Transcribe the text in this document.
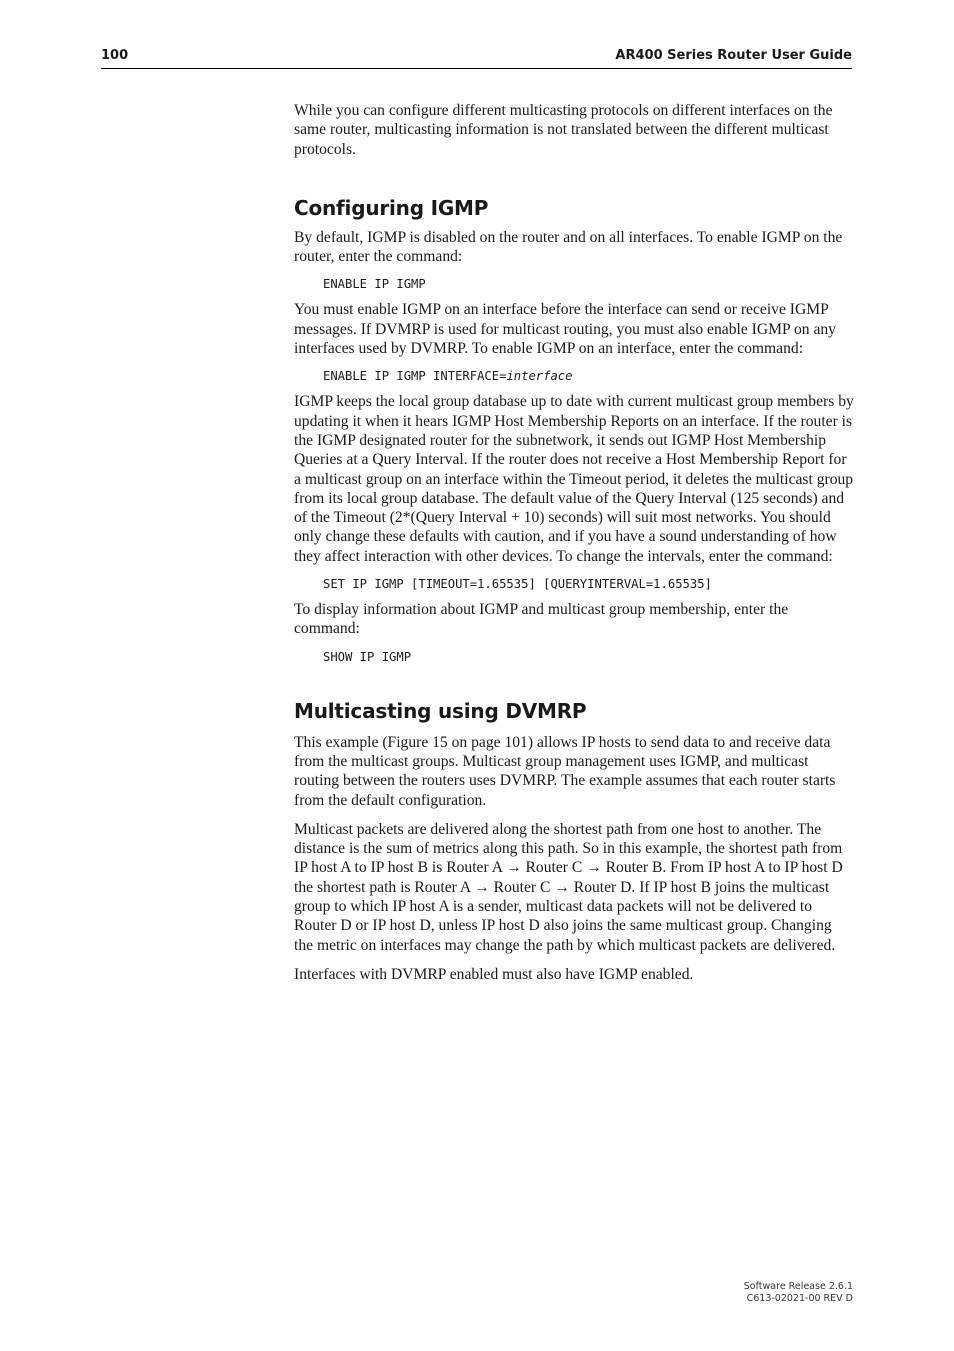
100	AR400 Series Router User Guide

While you can configure different multicasting protocols on different interfaces on the same router, multicasting information is not translated between the different multicast protocols.

Configuring IGMP

By default, IGMP is disabled on the router and on all interfaces. To enable IGMP on the router, enter the command:

ENABLE IP IGMP

You must enable IGMP on an interface before the interface can send or receive IGMP messages. If DVMRP is used for multicast routing, you must also enable IGMP on any interfaces used by DVMRP. To enable IGMP on an interface, enter the command:

ENABLE IP IGMP INTERFACE=interface

IGMP keeps the local group database up to date with current multicast group members by updating it when it hears IGMP Host Membership Reports on an interface. If the router is the IGMP designated router for the subnetwork, it sends out IGMP Host Membership Queries at a Query Interval. If the router does not receive a Host Membership Report for a multicast group on an interface within the Timeout period, it deletes the multicast group from its local group database. The default value of the Query Interval (125 seconds) and of the Timeout (2*(Query Interval + 10) seconds) will suit most networks. You should only change these defaults with caution, and if you have a sound understanding of how they affect interaction with other devices. To change the intervals, enter the command:

SET IP IGMP [TIMEOUT=1.65535] [QUERYINTERVAL=1.65535]

To display information about IGMP and multicast group membership, enter the command:

SHOW IP IGMP
Multicasting using DVMRP

This example (Figure 15 on page 101) allows IP hosts to send data to and receive data from the multicast groups. Multicast group management uses IGMP, and multicast routing between the routers uses DVMRP. The example assumes that each router starts from the default configuration.

Multicast packets are delivered along the shortest path from one host to another. The distance is the sum of metrics along this path. So in this example, the shortest path from IP host A to IP host B is Router A → Router C → Router B. From IP host A to IP host D the shortest path is Router A → Router C → Router D. If IP host B joins the multicast group to which IP host A is a sender, multicast data packets will not be delivered to Router D or IP host D, unless IP host D also joins the same multicast group. Changing the metric on interfaces may change the path by which multicast packets are delivered.

Interfaces with DVMRP enabled must also have IGMP enabled.

Software Release 2.6.1
C613-02021-00 REV D
